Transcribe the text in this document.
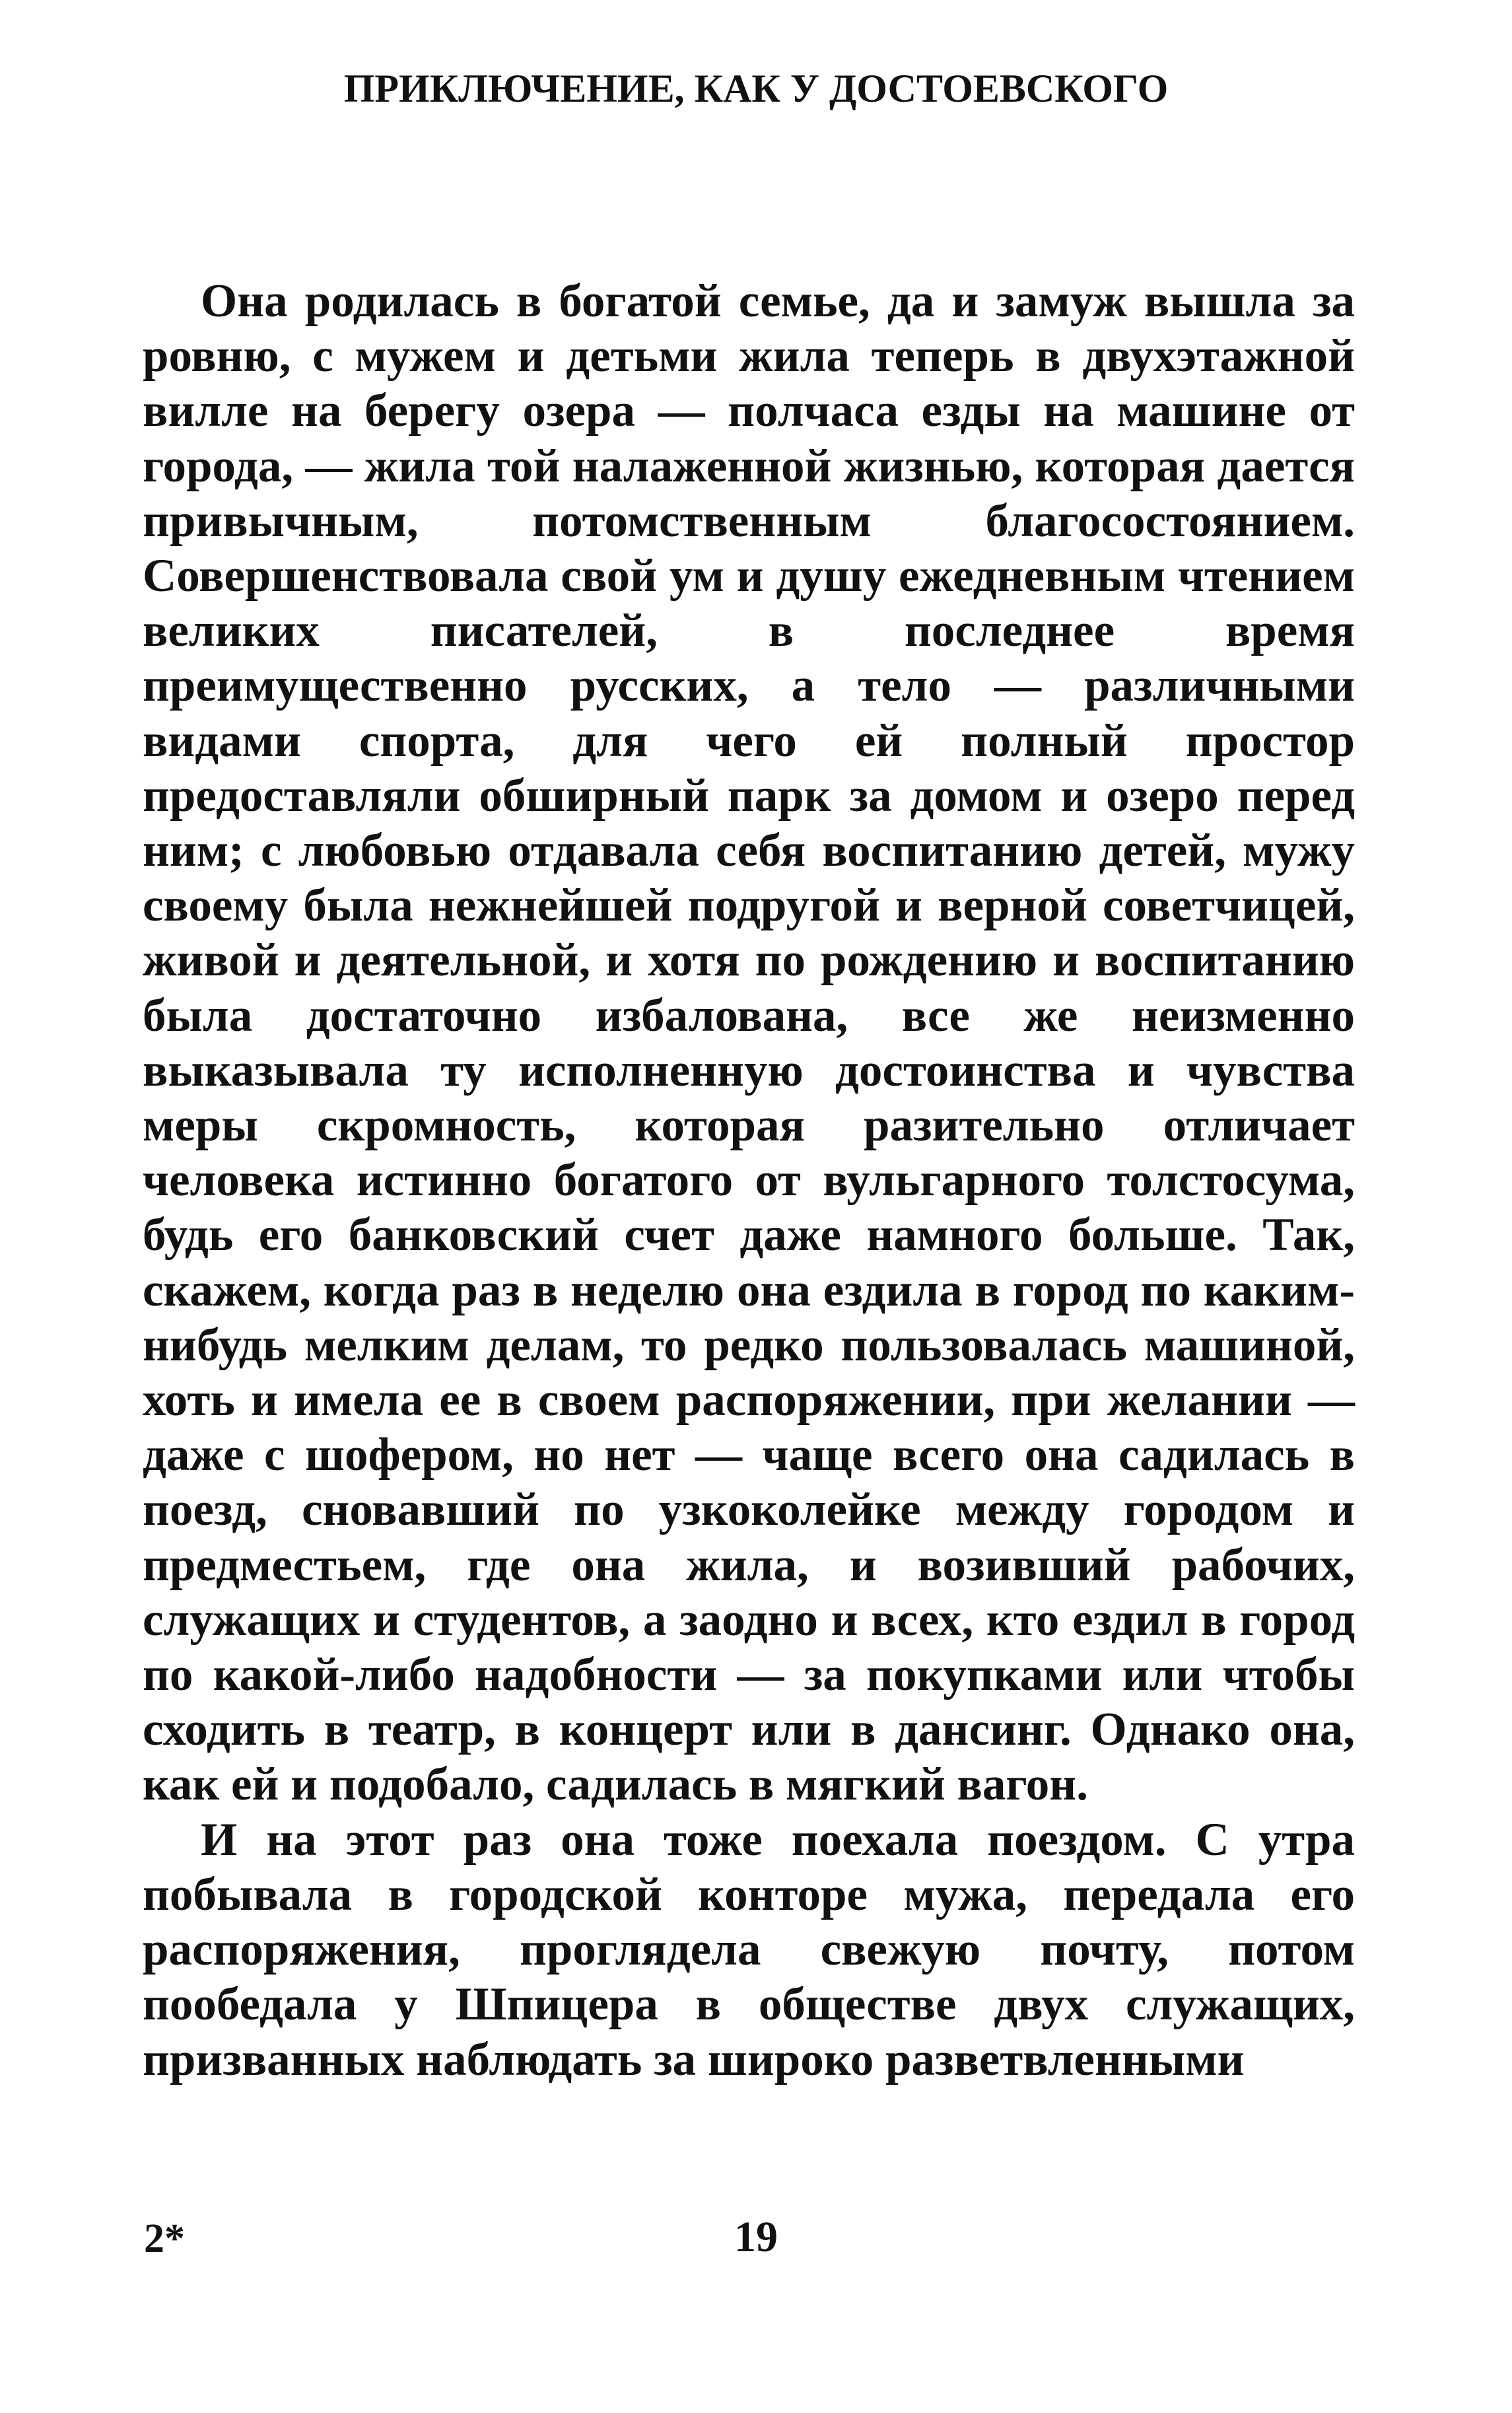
ПРИКЛЮЧЕНИЕ, КАК У ДОСТОЕВСКОГО

Она родилась в богатой семье, да и замуж вышла за ровню, с мужем и детьми жила теперь в двухэтажной вилле на берегу озера — полчаса езды на машине от города, — жила той налаженной жизнью, которая дается привычным, потомственным благосостоянием. Совершенствовала свой ум и душу ежедневным чтением великих писателей, в последнее время преимущественно русских, а тело — различными видами спорта, для чего ей полный простор предоставляли обширный парк за домом и озеро перед ним; с любовью отдавала себя воспитанию детей, мужу своему была нежнейшей подругой и верной советчицей, живой и деятельной, и хотя по рождению и воспитанию была достаточно избалована, все же неизменно выказывала ту исполненную достоинства и чувства меры скромность, которая разительно отличает человека истинно богатого от вульгарного толстосума, будь его банковский счет даже намного больше. Так, скажем, когда раз в неделю она ездила в город по каким-нибудь мелким делам, то редко пользовалась машиной, хоть и имела ее в своем распоряжении, при желании — даже с шофером, но нет — чаще всего она садилась в поезд, сновавший по узкоколейке между городом и предместьем, где она жила, и возивший рабочих, служащих и студентов, а заодно и всех, кто ездил в город по какой-либо надобности — за покупками или чтобы сходить в театр, в концерт или в дансинг. Однако она, как ей и подобало, садилась в мягкий вагон.

И на этот раз она тоже поехала поездом. С утра побывала в городской конторе мужа, передала его распоряжения, проглядела свежую почту, потом пообедала у Шпицера в обществе двух служащих, призванных наблюдать за широко разветвленными

2*	19
